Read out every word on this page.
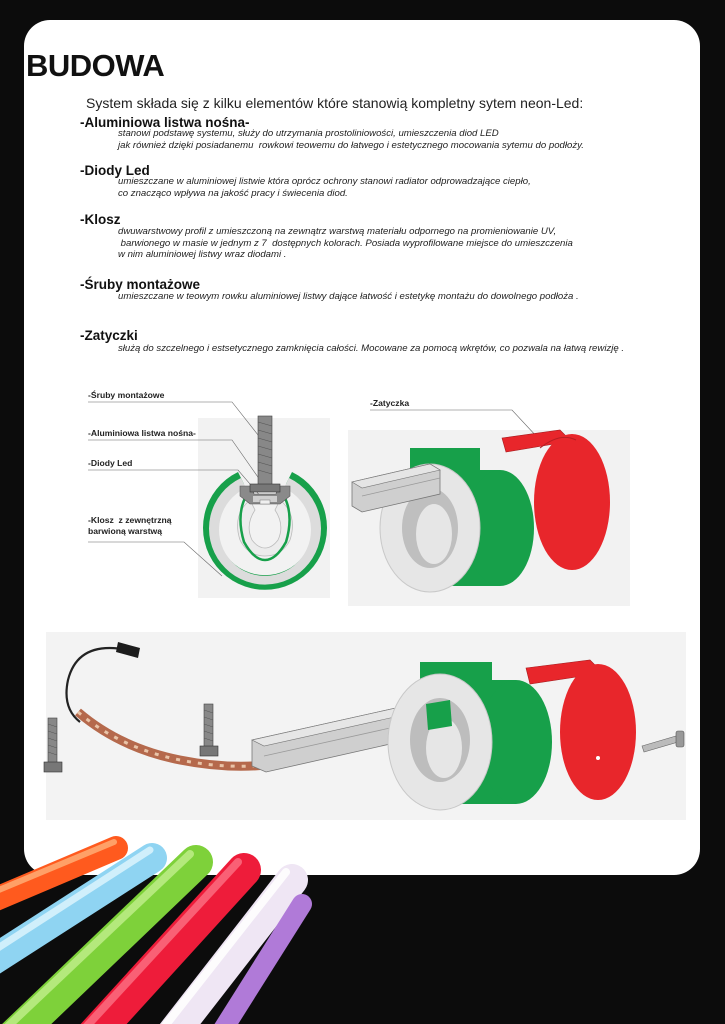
BUDOWA
System składa się z kilku elementów które stanowią kompletny sytem neon-Led:
-Aluminiowa listwa nośna-
stanowi podstawę systemu, służy do utrzymania prostoliniowości, umieszczenia diod LED
jak również dzięki posiadanemu  rowkowi teowemu do łatwego i estetycznego mocowania sytemu do podłoży.
-Diody Led
umieszczane w aluminiowej listwie która oprócz ochrony stanowi radiator odprowadzające ciepło,
co znacząco wpływa na jakość pracy i świecenia diod.
-Klosz
dwuwarstwowy profil z umieszczoną na zewnątrz warstwą materiału odpornego na promieniowanie UV,
barwionego w masie w jednym z 7  dostępnych kolorach. Posiada wyprofilowane miejsce do umieszczenia
w nim aluminiowej listwy wraz diodami .
-Śruby montażowe
umieszczane w teowym rowku aluminiowej listwy dające łatwość i estetykę montażu do dowolnego podłoża .
-Zatyczki
służą do szczelnego i estsetycznego zamknięcia całości. Mocowane za pomocą wkrętów, co pozwala na łatwą rewizję .
-Śruby montażowe
-Aluminiowa listwa nośna-
-Diody Led
-Klosz  z zewnętrzną
barwioną warstwą
-Zatyczka
